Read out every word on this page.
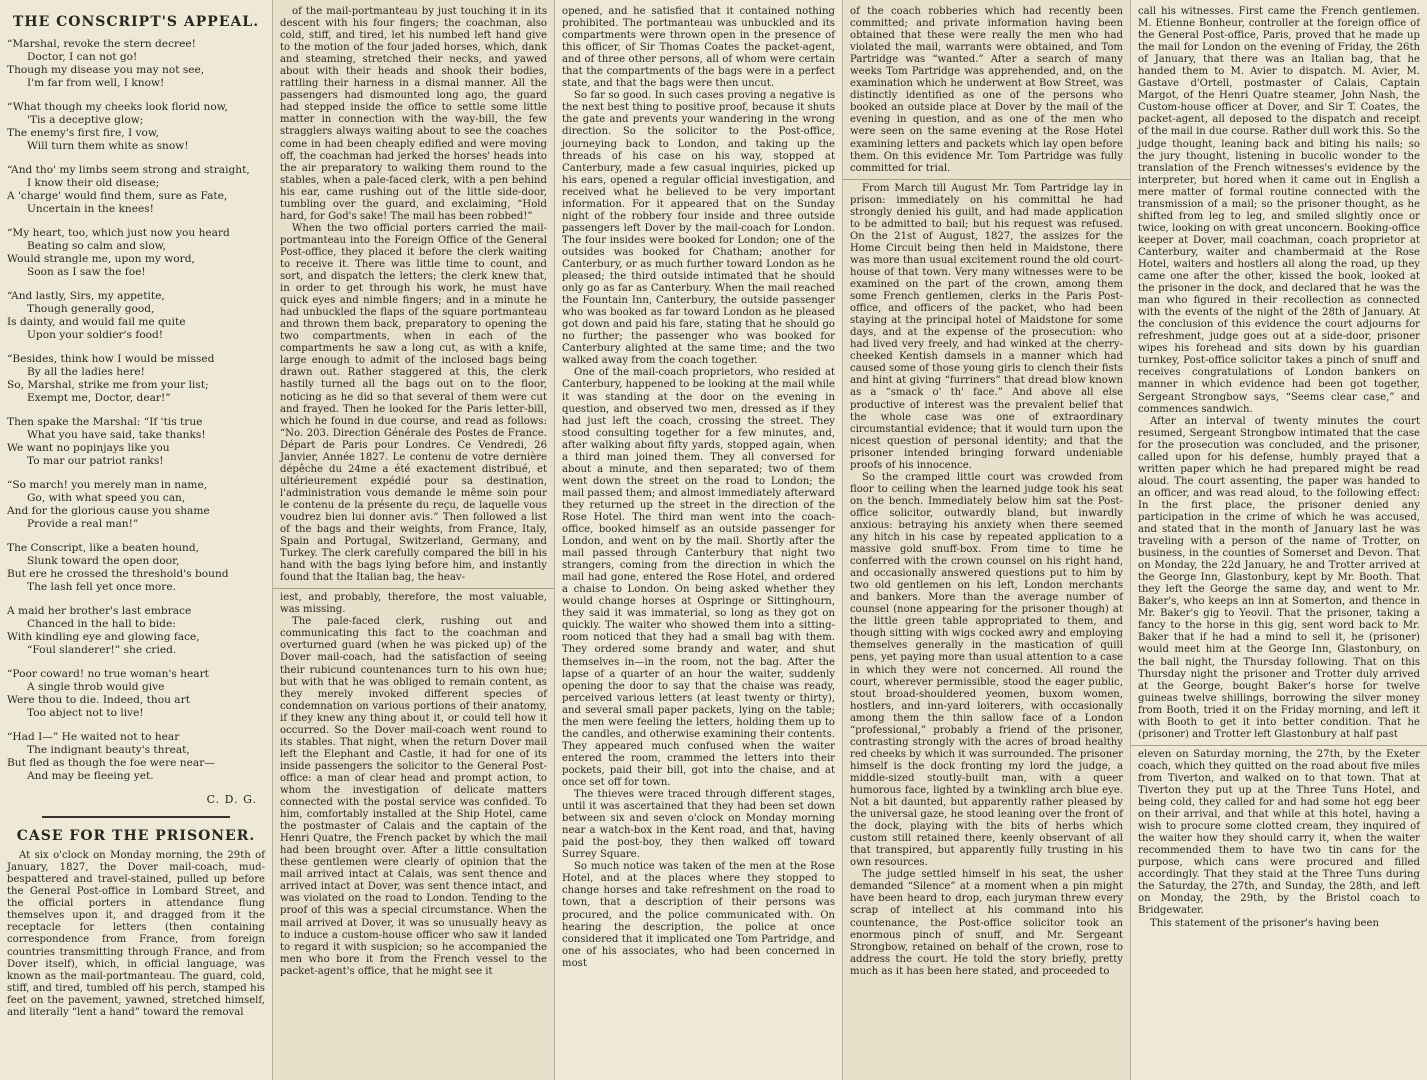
THE CONSCRIPT'S APPEAL.
“Marshal, revoke the stern decree!
Doctor, I can not go!
Though my disease you may not see,
I'm far from well, I know!
“What though my cheeks look florid now,
'Tis a deceptive glow;
The enemy's first fire, I vow,
Will turn them white as snow!
“And tho' my limbs seem strong and straight,
I know their old disease;
A 'charge' would find them, sure as Fate,
Uncertain in the knees!
“My heart, too, which just now you heard
Beating so calm and slow,
Would strangle me, upon my word,
Soon as I saw the foe!
“And lastly, Sirs, my appetite,
Though generally good,
Is dainty, and would fail me quite
Upon your soldier's food!
“Besides, think how I would be missed
By all the ladies here!
So, Marshal, strike me from your list;
Exempt me, Doctor, dear!”
Then spake the Marshal: “If 'tis true
What you have said, take thanks!
We want no popinjays like you
To mar our patriot ranks!
“So march! you merely man in name,
Go, with what speed you can,
And for the glorious cause you shame
Provide a real man!”
The Conscript, like a beaten hound,
Slunk toward the open door,
But ere he crossed the threshold's bound
The lash fell yet once more.
A maid her brother's last embrace
Chanced in the hall to bide:
With kindling eye and glowing face,
“Foul slanderer!” she cried.
“Poor coward! no true woman's heart
A single throb would give
Were thou to die. Indeed, thou art
Too abject not to live!
“Had I—” He waited not to hear
The indignant beauty's threat,
But fled as though the foe were near—
And may be fleeing yet.
C. D. G.
CASE FOR THE PRISONER.

At six o'clock on Monday morning, the 29th of January, 1827, the Dover mail-coach, mud-bespattered and travel-stained, pulled up before the General Post-office in Lombard Street, and the official porters in attendance flung themselves upon it, and dragged from it the receptacle for letters (then containing correspondence from France, from foreign countries transmitting through France, and from Dover itself), which, in official language, was known as the mail-portmanteau. The guard, cold, stiff, and tired, tumbled off his perch, stamped his feet on the pavement, yawned, stretched himself, and literally “lent a hand” toward the removal

of the mail-portmanteau by just touching it in its descent with his four fingers; the coachman, also cold, stiff, and tired, let his numbed left hand give to the motion of the four jaded horses, which, dank and steaming, stretched their necks, and yawed about with their heads and shook their bodies, rattling their harness in a dismal manner. All the passengers had dismounted long ago, the guard had stepped inside the office to settle some little matter in connection with the way-bill, the few stragglers always waiting about to see the coaches come in had been cheaply edified and were moving off, the coachman had jerked the horses' heads into the air preparatory to walking them round to the stables, when a pale-faced clerk, with a pen behind his ear, came rushing out of the little side-door, tumbling over the guard, and exclaiming, “Hold hard, for God's sake! The mail has been robbed!”

When the two official porters carried the mail-portmanteau into the Foreign Office of the General Post-office, they placed it before the clerk waiting to receive it. There was little time to count, and sort, and dispatch the letters; the clerk knew that, in order to get through his work, he must have quick eyes and nimble fingers; and in a minute he had unbuckled the flaps of the square portmanteau and thrown them back, preparatory to opening the two compartments, when in each of the compartments he saw a long cut, as with a knife, large enough to admit of the inclosed bags being drawn out. Rather staggered at this, the clerk hastily turned all the bags out on to the floor, noticing as he did so that several of them were cut and frayed. Then he looked for the Paris letter-bill, which he found in due course, and read as follows: “No. 203. Direction Générale des Postes de France. Départ de Paris pour Londres. Ce Vendredi, 26 Janvier, Année 1827. Le contenu de votre dernière dépêche du 24me a été exactement distribué, et ultérieurement expédié pour sa destination, l'administration vous demande le même soin pour le contenu de la présente du reçu, de laquelle vous voudrez bien lui donner avis.” Then followed a list of the bags and their weights, from France, Italy, Spain and Portugal, Switzerland, Germany, and Turkey. The clerk carefully compared the bill in his hand with the bags lying before him, and instantly found that the Italian bag, the heav-

iest, and probably, therefore, the most valuable, was missing.

The pale-faced clerk, rushing out and communicating this fact to the coachman and overturned guard (when he was picked up) of the Dover mail-coach, had the satisfaction of seeing their rubicund countenances turn to his own hue; but with that he was obliged to remain content, as they merely invoked different species of condemnation on various portions of their anatomy, if they knew any thing about it, or could tell how it occurred. So the Dover mail-coach went round to its stables. That night, when the return Dover mail left the Elephant and Castle, it had for one of its inside passengers the solicitor to the General Post-office: a man of clear head and prompt action, to whom the investigation of delicate matters connected with the postal service was confided. To him, comfortably installed at the Ship Hotel, came the postmaster of Calais and the captain of the Henri Quatre, the French packet by which the mail had been brought over. After a little consultation these gentlemen were clearly of opinion that the mail arrived intact at Calais, was sent thence and arrived intact at Dover, was sent thence intact, and was violated on the road to London. Tending to the proof of this was a special circumstance. When the mail arrived at Dover, it was so unusually heavy as to induce a custom-house officer who saw it landed to regard it with suspicion; so he accompanied the men who bore it from the French vessel to the packet-agent's office, that he might see it

opened, and he satisfied that it contained nothing prohibited. The portmanteau was unbuckled and its compartments were thrown open in the presence of this officer, of Sir Thomas Coates the packet-agent, and of three other persons, all of whom were certain that the compartments of the bags were in a perfect state, and that the bags were then uncut.

So far so good. In such cases proving a negative is the next best thing to positive proof, because it shuts the gate and prevents your wandering in the wrong direction. So the solicitor to the Post-office, journeying back to London, and taking up the threads of his case on his way, stopped at Canterbury, made a few casual inquiries, picked up his ears, opened a regular official investigation, and received what he believed to be very important information. For it appeared that on the Sunday night of the robbery four inside and three outside passengers left Dover by the mail-coach for London. The four insides were booked for London; one of the outsides was booked for Chatham; another for Canterbury, or as much further toward London as he pleased; the third outside intimated that he should only go as far as Canterbury. When the mail reached the Fountain Inn, Canterbury, the outside passenger who was booked as far toward London as he pleased got down and paid his fare, stating that he should go no further; the passenger who was booked for Canterbury alighted at the same time; and the two walked away from the coach together.

One of the mail-coach proprietors, who resided at Canterbury, happened to be looking at the mail while it was standing at the door on the evening in question, and observed two men, dressed as if they had just left the coach, crossing the street. They stood consulting together for a few minutes, and, after walking about fifty yards, stopped again, when a third man joined them. They all conversed for about a minute, and then separated; two of them went down the street on the road to London; the mail passed them; and almost immediately afterward they returned up the street in the direction of the Rose Hotel. The third man went into the coach-office, booked himself as an outside passenger for London, and went on by the mail. Shortly after the mail passed through Canterbury that night two strangers, coming from the direction in which the mail had gone, entered the Rose Hotel, and ordered a chaise to London. On being asked whether they would change horses at Ospringe or Sittinghourn, they said it was immaterial, so long as they got on quickly. The waiter who showed them into a sitting-room noticed that they had a small bag with them. They ordered some brandy and water, and shut themselves in—in the room, not the bag. After the lapse of a quarter of an hour the waiter, suddenly opening the door to say that the chaise was ready, perceived various letters (at least twenty or thirty), and several small paper packets, lying on the table; the men were feeling the letters, holding them up to the candles, and otherwise examining their contents. They appeared much confused when the waiter entered the room, crammed the letters into their pockets, paid their bill, got into the chaise, and at once set off for town.

The thieves were traced through different stages, until it was ascertained that they had been set down between six and seven o'clock on Monday morning near a watch-box in the Kent road, and that, having paid the post-boy, they then walked off toward Surrey Square.

So much notice was taken of the men at the Rose Hotel, and at the places where they stopped to change horses and take refreshment on the road to town, that a description of their persons was procured, and the police communicated with. On hearing the description, the police at once considered that it implicated one Tom Partridge, and one of his associates, who had been concerned in most

of the coach robberies which had recently been committed; and private information having been obtained that these were really the men who had violated the mail, warrants were obtained, and Tom Partridge was “wanted.” After a search of many weeks Tom Partridge was apprehended, and, on the examination which he underwent at Bow Street, was distinctly identified as one of the persons who booked an outside place at Dover by the mail of the evening in question, and as one of the men who were seen on the same evening at the Rose Hotel examining letters and packets which lay open before them. On this evidence Mr. Tom Partridge was fully committed for trial.

From March till August Mr. Tom Partridge lay in prison: immediately on his committal he had strongly denied his guilt, and had made application to be admitted to bail; but his request was refused. On the 21st of August, 1827, the assizes for the Home Circuit being then held in Maidstone, there was more than usual excitement round the old court-house of that town. Very many witnesses were to be examined on the part of the crown, among them some French gentlemen, clerks in the Paris Post-office, and officers of the packet, who had been staying at the principal hotel of Maidstone for some days, and at the expense of the prosecution: who had lived very freely, and had winked at the cherry-cheeked Kentish damsels in a manner which had caused some of those young girls to clench their fists and hint at giving “furriners” that dread blow known as a “smack o' th' face.” And above all else productive of interest was the prevalent belief that the whole case was one of extraordinary circumstantial evidence; that it would turn upon the nicest question of personal identity; and that the prisoner intended bringing forward undeniable proofs of his innocence.

So the cramped little court was crowded from floor to ceiling when the learned judge took his seat on the bench. Immediately below him sat the Post-office solicitor, outwardly bland, but inwardly anxious: betraying his anxiety when there seemed any hitch in his case by repeated application to a massive gold snuff-box. From time to time he conferred with the crown counsel on his right hand, and occasionally answered questions put to him by two old gentlemen on his left, London merchants and bankers. More than the average number of counsel (none appearing for the prisoner though) at the little green table appropriated to them, and though sitting with wigs cocked awry and employing themselves generally in the mastication of quill pens, yet paying more than usual attention to a case in which they were not concerned. All round the court, wherever permissible, stood the eager public, stout broad-shouldered yeomen, buxom women, hostlers, and inn-yard loiterers, with occasionally among them the thin sallow face of a London “professional,” probably a friend of the prisoner, contrasting strongly with the acres of broad healthy red cheeks by which it was surrounded. The prisoner himself is the dock fronting my lord the judge, a middle-sized stoutly-built man, with a queer humorous face, lighted by a twinkling arch blue eye. Not a bit daunted, but apparently rather pleased by the universal gaze, he stood leaning over the front of the dock, playing with the bits of herbs which custom still retained there, keenly observant of all that transpired, but apparently fully trusting in his own resources.

The judge settled himself in his seat, the usher demanded “Silence” at a moment when a pin might have been heard to drop, each juryman threw every scrap of intellect at his command into his countenance, the Post-office solicitor took an enormous pinch of snuff, and Mr. Sergeant Strongbow, retained on behalf of the crown, rose to address the court. He told the story briefly, pretty much as it has been here stated, and proceeded to

call his witnesses. First came the French gentlemen. M. Etienne Bonheur, controller at the foreign office of the General Post-office, Paris, proved that he made up the mail for London on the evening of Friday, the 26th of January, that there was an Italian bag, that he handed them to M. Avier to dispatch. M. Avier, M. Gastave d'Ortell, postmaster of Calais, Captain Margot, of the Henri Quatre steamer, John Nash, the Custom-house officer at Dover, and Sir T. Coates, the packet-agent, all deposed to the dispatch and receipt of the mail in due course. Rather dull work this. So the judge thought, leaning back and biting his nails; so the jury thought, listening in bucolic wonder to the translation of the French witnesses's evidence by the interpreter, but hored when it came out in English a mere matter of formal routine connected with the transmission of a mail; so the prisoner thought, as he shifted from leg to leg, and smiled slightly once or twice, looking on with great unconcern. Booking-office keeper at Dover, mail coachman, coach proprietor at Canterbury, waiter and chambermaid at the Rose Hotel, waiters and hostlers all along the road, up they came one after the other, kissed the book, looked at the prisoner in the dock, and declared that he was the man who figured in their recollection as connected with the events of the night of the 28th of January. At the conclusion of this evidence the court adjourns for refreshment, judge goes out at a side-door, prisoner wipes his forehead and sits down by his guardian turnkey, Post-office solicitor takes a pinch of snuff and receives congratulations of London bankers on manner in which evidence had been got together, Sergeant Strongbow says, “Seems clear case,” and commences sandwich.

After an interval of twenty minutes the court resumed, Sergeant Strongbow intimated that the case for the prosecution was concluded, and the prisoner, called upon for his defense, humbly prayed that a written paper which he had prepared might be read aloud. The court assenting, the paper was handed to an officer, and was read aloud, to the following effect: In the first place, the prisoner denied any participation in the crime of which he was accused, and stated that in the month of January last he was traveling with a person of the name of Trotter, on business, in the counties of Somerset and Devon. That on Monday, the 22d January, he and Trotter arrived at the George Inn, Glastonbury, kept by Mr. Booth. That they left the George the same day, and went to Mr. Baker's, who keeps an inn at Somerton, and thence in Mr. Baker's gig to Yeovil. That the prisoner, taking a fancy to the horse in this gig, sent word back to Mr. Baker that if he had a mind to sell it, he (prisoner) would meet him at the George Inn, Glastonbury, on the ball night, the Thursday following. That on this Thursday night the prisoner and Trotter duly arrived at the George, bought Baker's horse for twelve guineas twelve shillings, borrowing the silver money from Booth, tried it on the Friday morning, and left it with Booth to get it into better condition. That he (prisoner) and Trotter left Glastonbury at half past

eleven on Saturday morning, the 27th, by the Exeter coach, which they quitted on the road about five miles from Tiverton, and walked on to that town. That at Tiverton they put up at the Three Tuns Hotel, and being cold, they called for and had some hot egg beer on their arrival, and that while at this hotel, having a wish to procure some clotted cream, they inquired of the waiter how they should carry it, when the waiter recommended them to have two tin cans for the purpose, which cans were procured and filled accordingly. That they staid at the Three Tuns during the Saturday, the 27th, and Sunday, the 28th, and left on Monday, the 29th, by the Bristol coach to Bridgewater.

This statement of the prisoner's having been
